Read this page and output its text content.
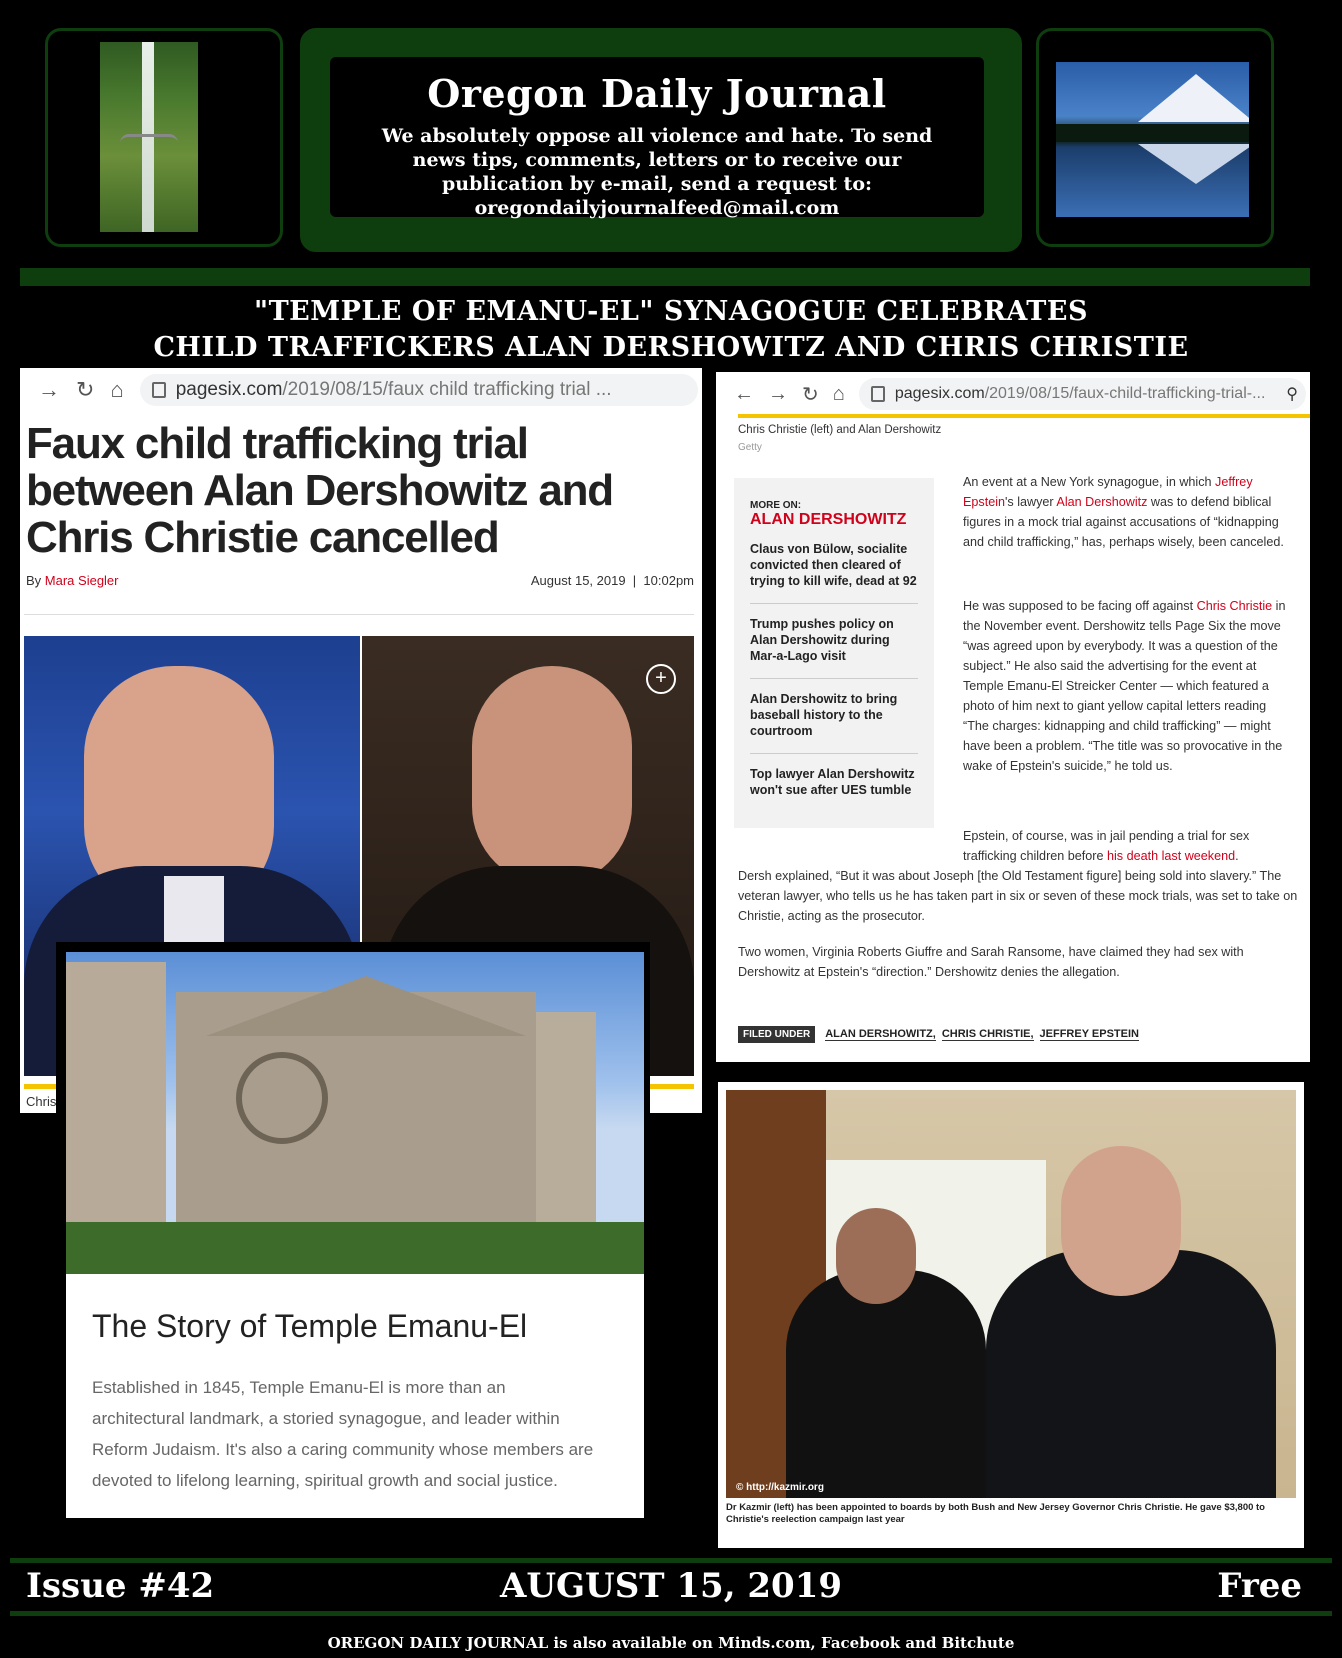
Oregon Daily Journal
We absolutely oppose all violence and hate. To send news tips, comments, letters or to receive our publication by e-mail, send a request to: oregondailyjournalfeed@mail.com
"TEMPLE OF EMANU-EL" SYNAGOGUE CELEBRATES
CHILD TRAFFICKERS ALAN DERSHOWITZ AND CHRIS CHRISTIE
→ ↻ ⌂	pagesix.com /2019/08/15/faux child trafficking trial ...
Faux child trafficking trial between Alan Dershowitz and Chris Christie cancelled
By Mara Siegler	August 15, 2019  |  10:02pm
+
Chris
← → ↻ ⌂	pagesix.com /2019/08/15/faux-child-trafficking-trial-... ⚲
Chris Christie (left) and Alan Dershowitz
Getty
MORE ON:
ALAN DERSHOWITZ
Claus von Bülow, socialite convicted then cleared of trying to kill wife, dead at 92
Trump pushes policy on Alan Dershowitz during Mar-a-Lago visit
Alan Dershowitz to bring baseball history to the courtroom
Top lawyer Alan Dershowitz won't sue after UES tumble
An event at a New York synagogue, in which Jeffrey Epstein's lawyer Alan Dershowitz was to defend biblical figures in a mock trial against accusations of “kidnapping and child trafficking,” has, perhaps wisely, been canceled.
He was supposed to be facing off against Chris Christie in the November event. Dershowitz tells Page Six the move “was agreed upon by everybody. It was a question of the subject.” He also said the advertising for the event at Temple Emanu-El Streicker Center — which featured a photo of him next to giant yellow capital letters reading “The charges: kidnapping and child trafficking” — might have been a problem. “The title was so provocative in the wake of Epstein's suicide,” he told us.
Epstein, of course, was in jail pending a trial for sex trafficking children before his death last weekend.
Dersh explained, “But it was about Joseph [the Old Testament figure] being sold into slavery.” The veteran lawyer, who tells us he has taken part in six or seven of these mock trials, was set to take on Christie, acting as the prosecutor.
Two women, Virginia Roberts Giuffre and Sarah Ransome, have claimed they had sex with Dershowitz at Epstein's “direction.” Dershowitz denies the allegation.
FILED UNDER	ALAN DERSHOWITZ, CHRIS CHRISTIE, JEFFREY EPSTEIN
The Story of Temple Emanu-El
Established in 1845, Temple Emanu-El is more than an architectural landmark, a storied synagogue, and leader within Reform Judaism. It's also a caring community whose members are devoted to lifelong learning, spiritual growth and social justice.	© http://kazmir.org
Dr Kazmir (left) has been appointed to boards by both Bush and New Jersey Governor Chris Christie. He gave $3,800 to Christie's reelection campaign last year
Issue #42	AUGUST 15, 2019	Free
OREGON DAILY JOURNAL is also available on Minds.com, Facebook and Bitchute
